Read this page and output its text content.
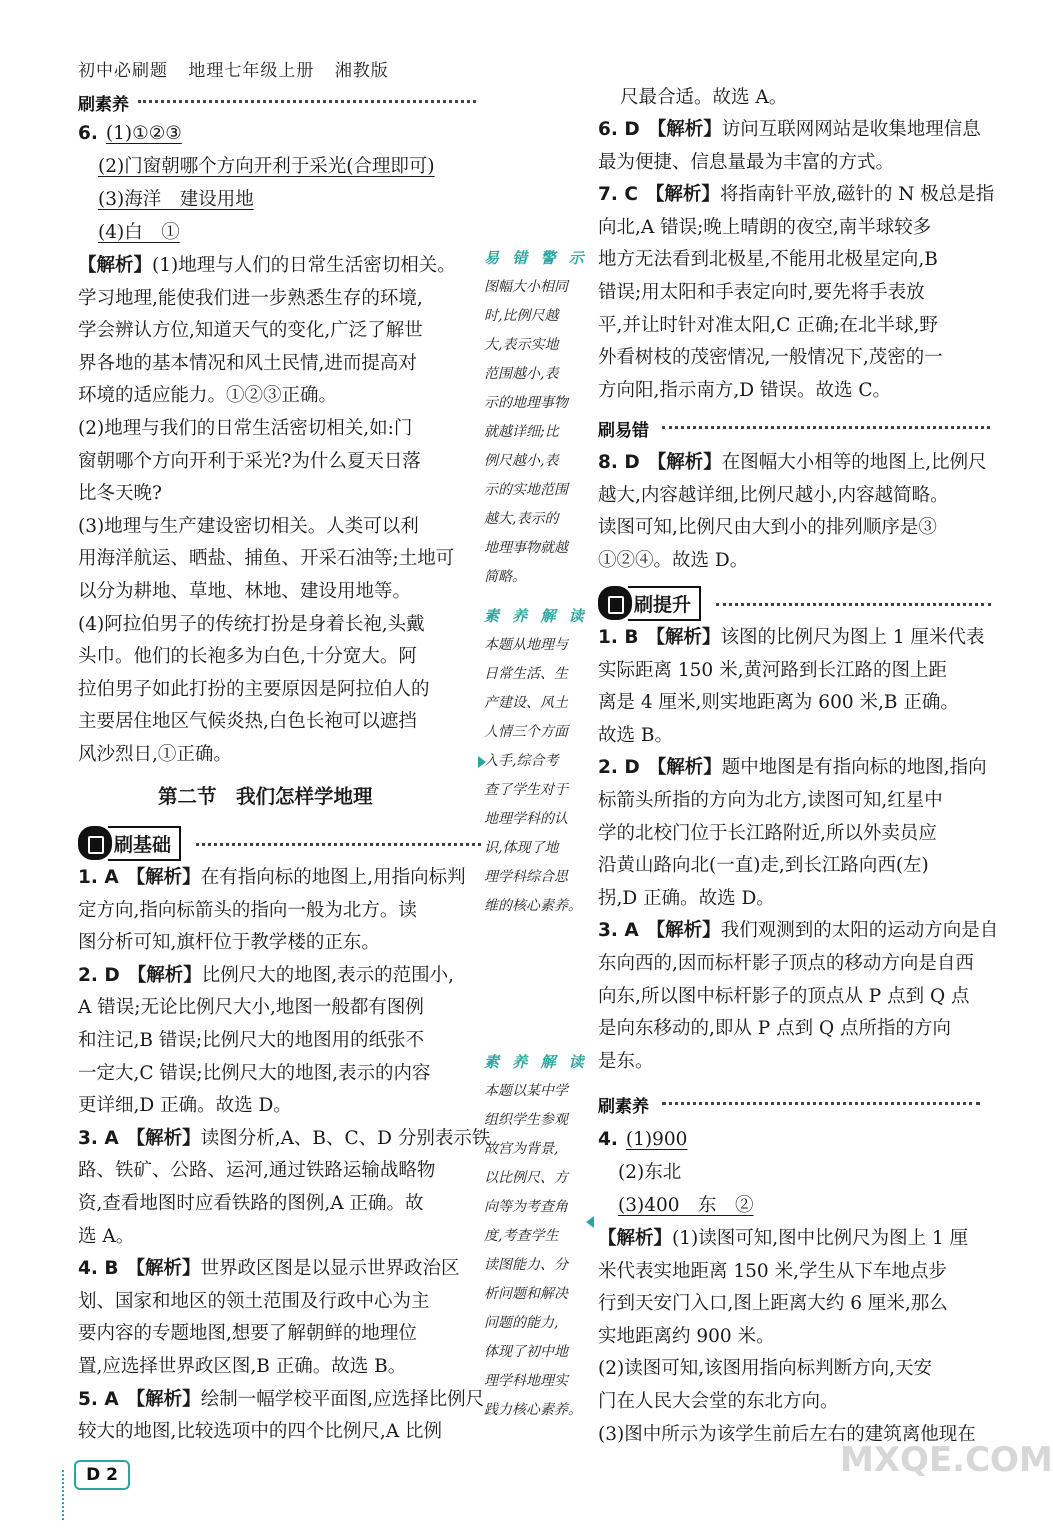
初中必刷题 地理七年级上册 湘教版
刷素养
6. (1)①②③
(2)门窗朝哪个方向开利于采光(合理即可)
(3)海洋　建设用地
(4)白　①
【解析】(1)地理与人们的日常生活密切相关。
学习地理,能使我们进一步熟悉生存的环境,
学会辨认方位,知道天气的变化,广泛了解世
界各地的基本情况和风土民情,进而提高对
环境的适应能力。①②③正确。
(2)地理与我们的日常生活密切相关,如:门
窗朝哪个方向开利于采光?为什么夏天日落
比冬天晚?
(3)地理与生产建设密切相关。人类可以利
用海洋航运、晒盐、捕鱼、开采石油等;土地可
以分为耕地、草地、林地、建设用地等。
(4)阿拉伯男子的传统打扮是身着长袍,头戴
头巾。他们的长袍多为白色,十分宽大。阿
拉伯男子如此打扮的主要原因是阿拉伯人的
主要居住地区气候炎热,白色长袍可以遮挡
风沙烈日,①正确。
第二节　我们怎样学地理
刷基础
1. A 【解析】在有指向标的地图上,用指向标判
定方向,指向标箭头的指向一般为北方。读
图分析可知,旗杆位于教学楼的正东。
2. D 【解析】比例尺大的地图,表示的范围小,
A 错误;无论比例尺大小,地图一般都有图例
和注记,B 错误;比例尺大的地图用的纸张不
一定大,C 错误;比例尺大的地图,表示的内容
更详细,D 正确。故选 D。
3. A 【解析】读图分析,A、B、C、D 分别表示铁
路、铁矿、公路、运河,通过铁路运输战略物
资,查看地图时应看铁路的图例,A 正确。故
选 A。
4. B 【解析】世界政区图是以显示世界政治区
划、国家和地区的领土范围及行政中心为主
要内容的专题地图,想要了解朝鲜的地理位
置,应选择世界政区图,B 正确。故选 B。
5. A 【解析】绘制一幅学校平面图,应选择比例尺
较大的地图,比较选项中的四个比例尺,A 比例
易 错 警 示
图幅大小相同
时,比例尺越
大,表示实地
范围越小,表
示的地理事物
就越详细;比
例尺越小,表
示的实地范围
越大,表示的
地理事物就越
简略。
素 养 解 读
本题从地理与
日常生活、生
产建设、风土
人情三个方面
入手,综合考
查了学生对于
地理学科的认
识,体现了地
理学科综合思
维的核心素养。
素 养 解 读
本题以某中学
组织学生参观
故宫为背景,
以比例尺、方
向等为考查角
度,考查学生
读图能力、分
析问题和解决
问题的能力,
体现了初中地
理学科地理实
践力核心素养。
尺最合适。故选 A。
6. D 【解析】访问互联网网站是收集地理信息
最为便捷、信息量最为丰富的方式。
7. C 【解析】将指南针平放,磁针的 N 极总是指
向北,A 错误;晚上晴朗的夜空,南半球较多
地方无法看到北极星,不能用北极星定向,B
错误;用太阳和手表定向时,要先将手表放
平,并让时针对准太阳,C 正确;在北半球,野
外看树枝的茂密情况,一般情况下,茂密的一
方向阳,指示南方,D 错误。故选 C。
刷易错
8. D 【解析】在图幅大小相等的地图上,比例尺
越大,内容越详细,比例尺越小,内容越简略。
读图可知,比例尺由大到小的排列顺序是③
①②④。故选 D。
刷提升
1. B 【解析】该图的比例尺为图上 1 厘米代表
实际距离 150 米,黄河路到长江路的图上距
离是 4 厘米,则实地距离为 600 米,B 正确。
故选 B。
2. D 【解析】题中地图是有指向标的地图,指向
标箭头所指的方向为北方,读图可知,红星中
学的北校门位于长江路附近,所以外卖员应
沿黄山路向北(一直)走,到长江路向西(左)
拐,D 正确。故选 D。
3. A 【解析】我们观测到的太阳的运动方向是自
东向西的,因而标杆影子顶点的移动方向是自西
向东,所以图中标杆影子的顶点从 P 点到 Q 点
是向东移动的,即从 P 点到 Q 点所指的方向
是东。
刷素养
4. (1)900
(2)东北
(3)400　东　②
【解析】(1)读图可知,图中比例尺为图上 1 厘
米代表实地距离 150 米,学生从下车地点步
行到天安门入口,图上距离大约 6 厘米,那么
实地距离约 900 米。
(2)读图可知,该图用指向标判断方向,天安
门在人民大会堂的东北方向。
(3)图中所示为该学生前后左右的建筑离他现在
D 2	MXQE.COM
